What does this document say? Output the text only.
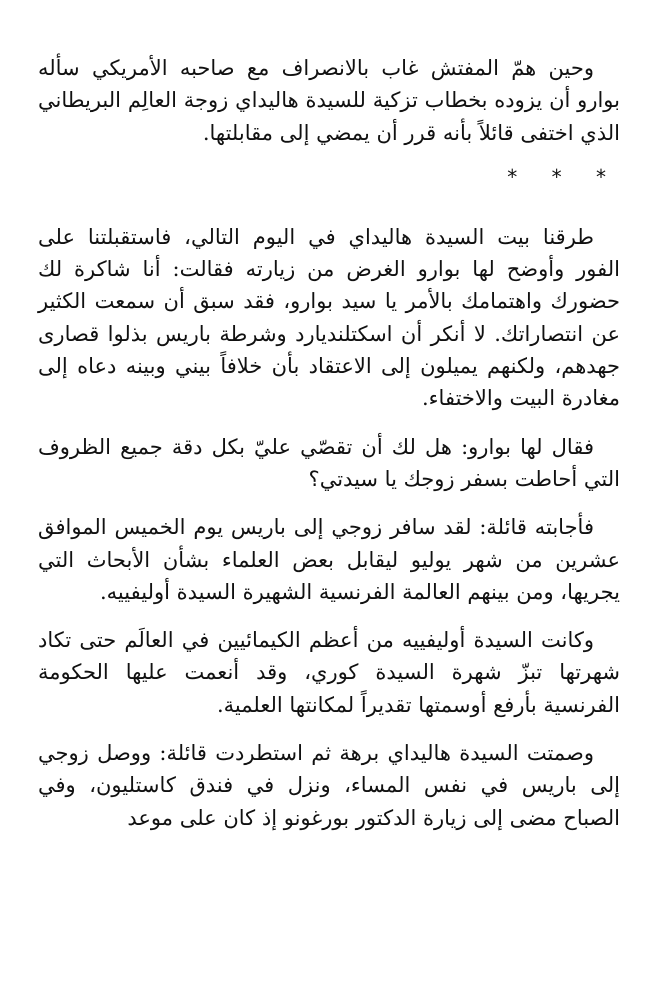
وحين همّ المفتش غاب بالانصراف مع صاحبه الأمريكي سأله بوارو أن يزوده بخطاب تزكية للسيدة هاليداي زوجة العالِم البريطاني الذي اختفى قائلاً بأنه قرر أن يمضي إلى مقابلتها.

* * *

طرقنا بيت السيدة هاليداي في اليوم التالي، فاستقبلتنا على الفور وأوضح لها بوارو الغرض من زيارته فقالت: أنا شاكرة لك حضورك واهتمامك بالأمر يا سيد بوارو، فقد سبق أن سمعت الكثير عن انتصاراتك. لا أنكر أن اسكتلنديارد وشرطة باريس بذلوا قصارى جهدهم، ولكنهم يميلون إلى الاعتقاد بأن خلافاً بيني وبينه دعاه إلى مغادرة البيت والاختفاء.

فقال لها بوارو: هل لك أن تقصّي عليّ بكل دقة جميع الظروف التي أحاطت بسفر زوجك يا سيدتي؟

فأجابته قائلة: لقد سافر زوجي إلى باريس يوم الخميس الموافق عشرين من شهر يوليو ليقابل بعض العلماء بشأن الأبحاث التي يجريها، ومن بينهم العالمة الفرنسية الشهيرة السيدة أوليفييه.

وكانت السيدة أوليفييه من أعظم الكيمائيين في العالَم حتى تكاد شهرتها تبزّ شهرة السيدة كوري، وقد أنعمت عليها الحكومة الفرنسية بأرفع أوسمتها تقديراً لمكانتها العلمية.

وصمتت السيدة هاليداي برهة ثم استطردت قائلة: ووصل زوجي إلى باريس في نفس المساء، ونزل في فندق كاستليون، وفي الصباح مضى إلى زيارة الدكتور بورغونو إذ كان على موعد
